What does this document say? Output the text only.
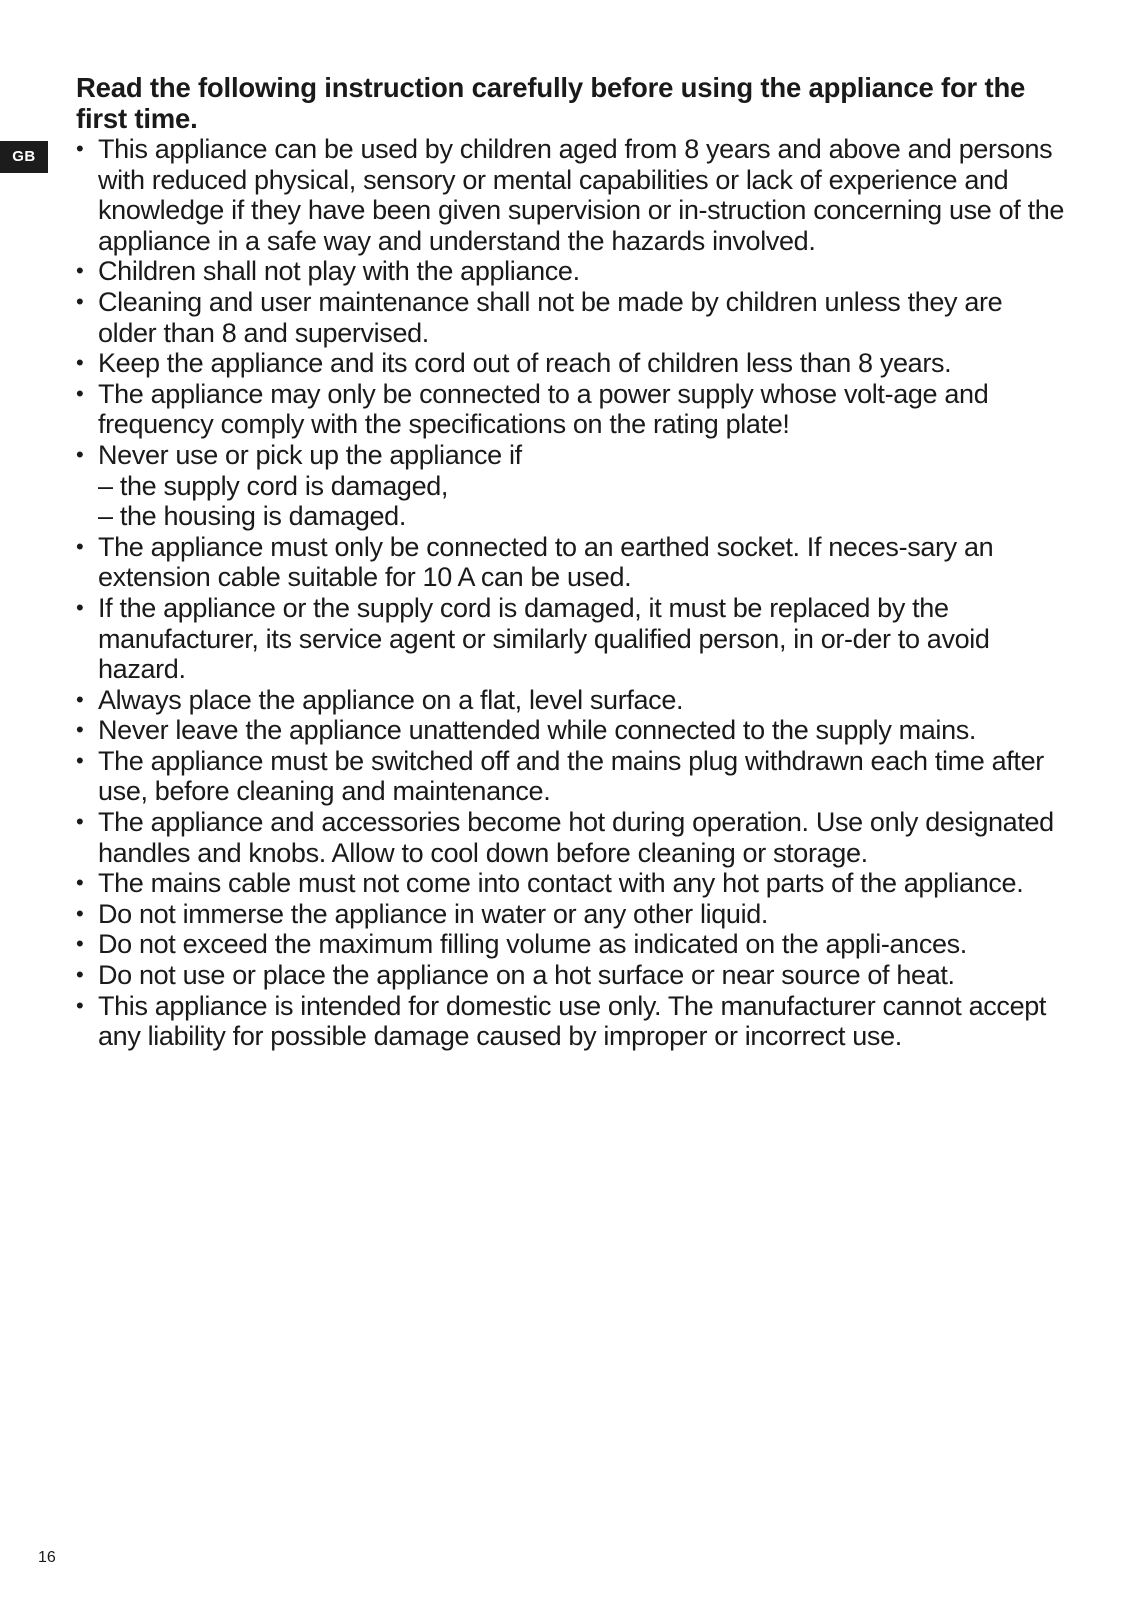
GB
Read the following instruction carefully before using the appliance for the first time.
• This appliance can be used by children aged from 8 years and above and persons with reduced physical, sensory or mental capabilities or lack of experience and knowledge if they have been given supervision or in-struction concerning use of the appliance in a safe way and understand the hazards involved.
• Children shall not play with the appliance.
• Cleaning and user maintenance shall not be made by children unless they are older than 8 and supervised.
• Keep the appliance and its cord out of reach of children less than 8 years.
• The appliance may only be connected to a power supply whose volt-age and frequency comply with the specifications on the rating plate!
• Never use or pick up the appliance if
– the supply cord is damaged,
– the housing is damaged.
• The appliance must only be connected to an earthed socket. If neces-sary an extension cable suitable for 10 A can be used.
• If the appliance or the supply cord is damaged, it must be replaced by the manufacturer, its service agent or similarly qualified person, in or-der to avoid hazard.
• Always place the appliance on a flat, level surface.
• Never leave the appliance unattended while connected to the supply mains.
• The appliance must be switched off and the mains plug withdrawn each time after use, before cleaning and maintenance.
• The appliance and accessories become hot during operation. Use only designated handles and knobs. Allow to cool down before cleaning or storage.
• The mains cable must not come into contact with any hot parts of the appliance.
• Do not immerse the appliance in water or any other liquid.
• Do not exceed the maximum filling volume as indicated on the appli-ances.
• Do not use or place the appliance on a hot surface or near source of heat.
• This appliance is intended for domestic use only. The manufacturer cannot accept any liability for possible damage caused by improper or incorrect use.
16
